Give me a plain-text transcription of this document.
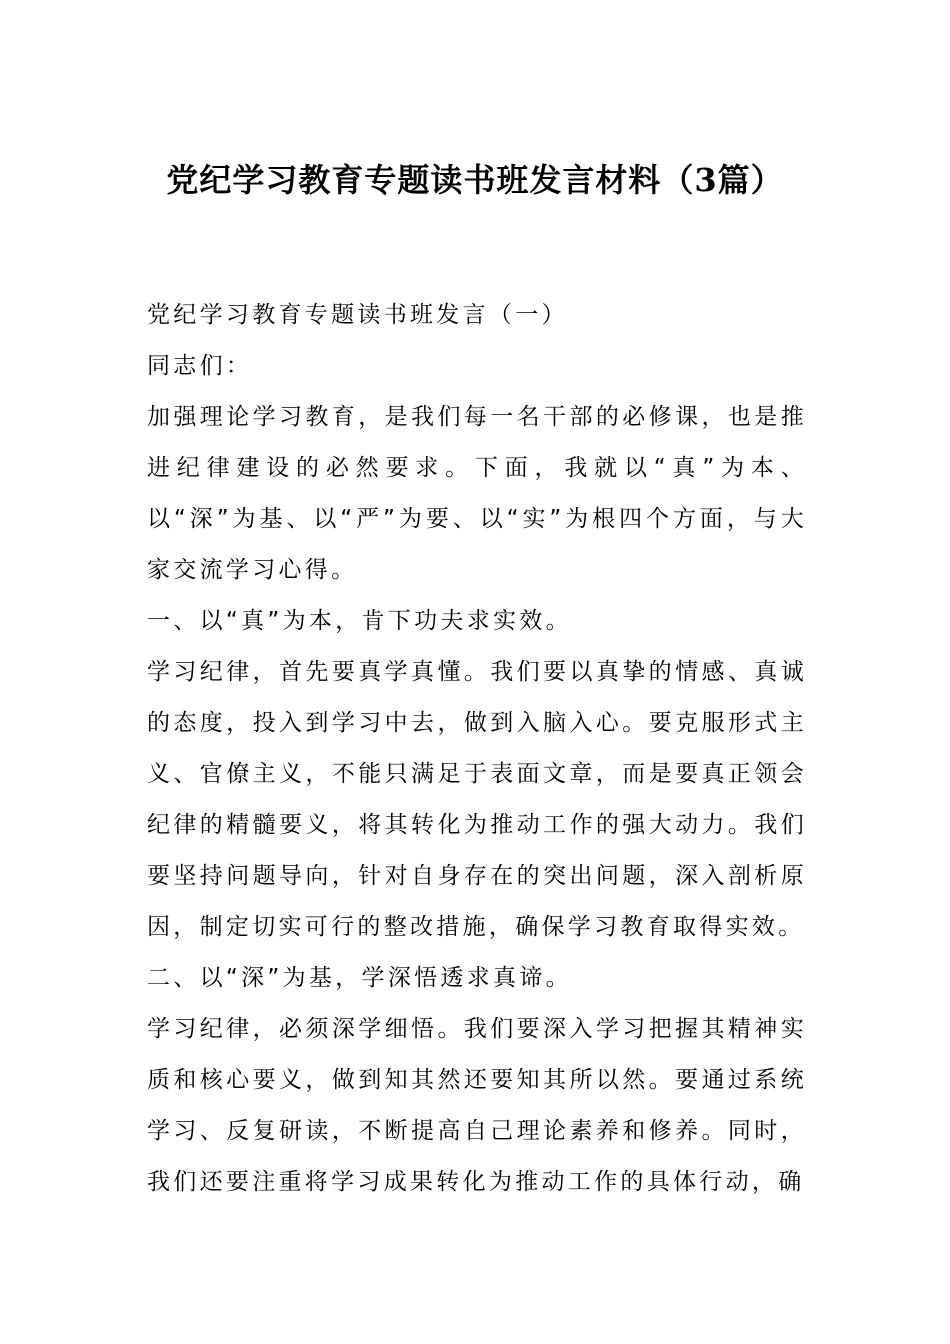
党纪学习教育专题读书班发言材料（3篇）

党纪学习教育专题读书班发言（一）

同志们：

加强理论学习教育，是我们每一名干部的必修课，也是推进纪律建设的必然要求。下面，我就以“真”为本、以“深”为基、以“严”为要、以“实”为根四个方面，与大家交流学习心得。

一、以“真”为本，肯下功夫求实效。

学习纪律，首先要真学真懂。我们要以真挚的情感、真诚的态度，投入到学习中去，做到入脑入心。要克服形式主义、官僚主义，不能只满足于表面文章，而是要真正领会纪律的精髓要义，将其转化为推动工作的强大动力。我们要坚持问题导向，针对自身存在的突出问题，深入剖析原因，制定切实可行的整改措施，确保学习教育取得实效。

二、以“深”为基，学深悟透求真谛。

学习纪律，必须深学细悟。我们要深入学习把握其精神实质和核心要义，做到知其然还要知其所以然。要通过系统学习、反复研读，不断提高自己理论素养和修养。同时，我们还要注重将学习成果转化为推动工作的具体行动，确
